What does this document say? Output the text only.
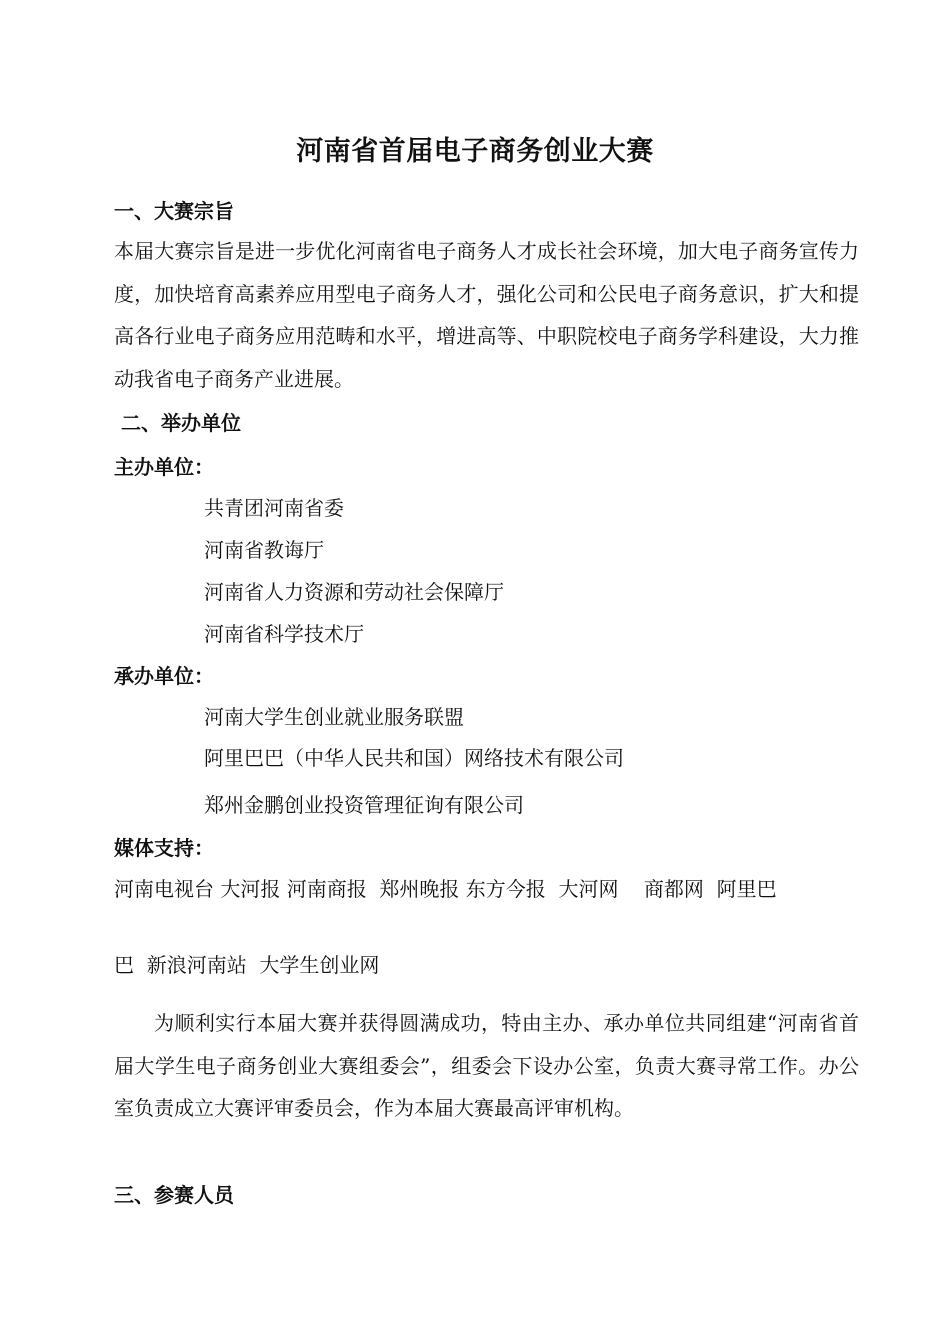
河南省首届电子商务创业大赛
一、大赛宗旨
本届大赛宗旨是进一步优化河南省电子商务人才成长社会环境，加大电子商务宣传力度，加快培育高素养应用型电子商务人才，强化公司和公民电子商务意识，扩大和提高各行业电子商务应用范畴和水平，增进高等、中职院校电子商务学科建设，大力推动我省电子商务产业进展。
二、举办单位
主办单位：
共青团河南省委
河南省教诲厅
河南省人力资源和劳动社会保障厅
河南省科学技术厅
承办单位：
河南大学生创业就业服务联盟
阿里巴巴（中华人民共和国）网络技术有限公司
郑州金鹏创业投资管理征询有限公司
媒体支持：
河南电视台 大河报 河南商报  郑州晚报 东方今报  大河网    商都网  阿里巴
巴  新浪河南站  大学生创业网
为顺利实行本届大赛并获得圆满成功，特由主办、承办单位共同组建“河南省首届大学生电子商务创业大赛组委会”，组委会下设办公室，负责大赛寻常工作。办公室负责成立大赛评审委员会，作为本届大赛最高评审机构。
三、参赛人员
